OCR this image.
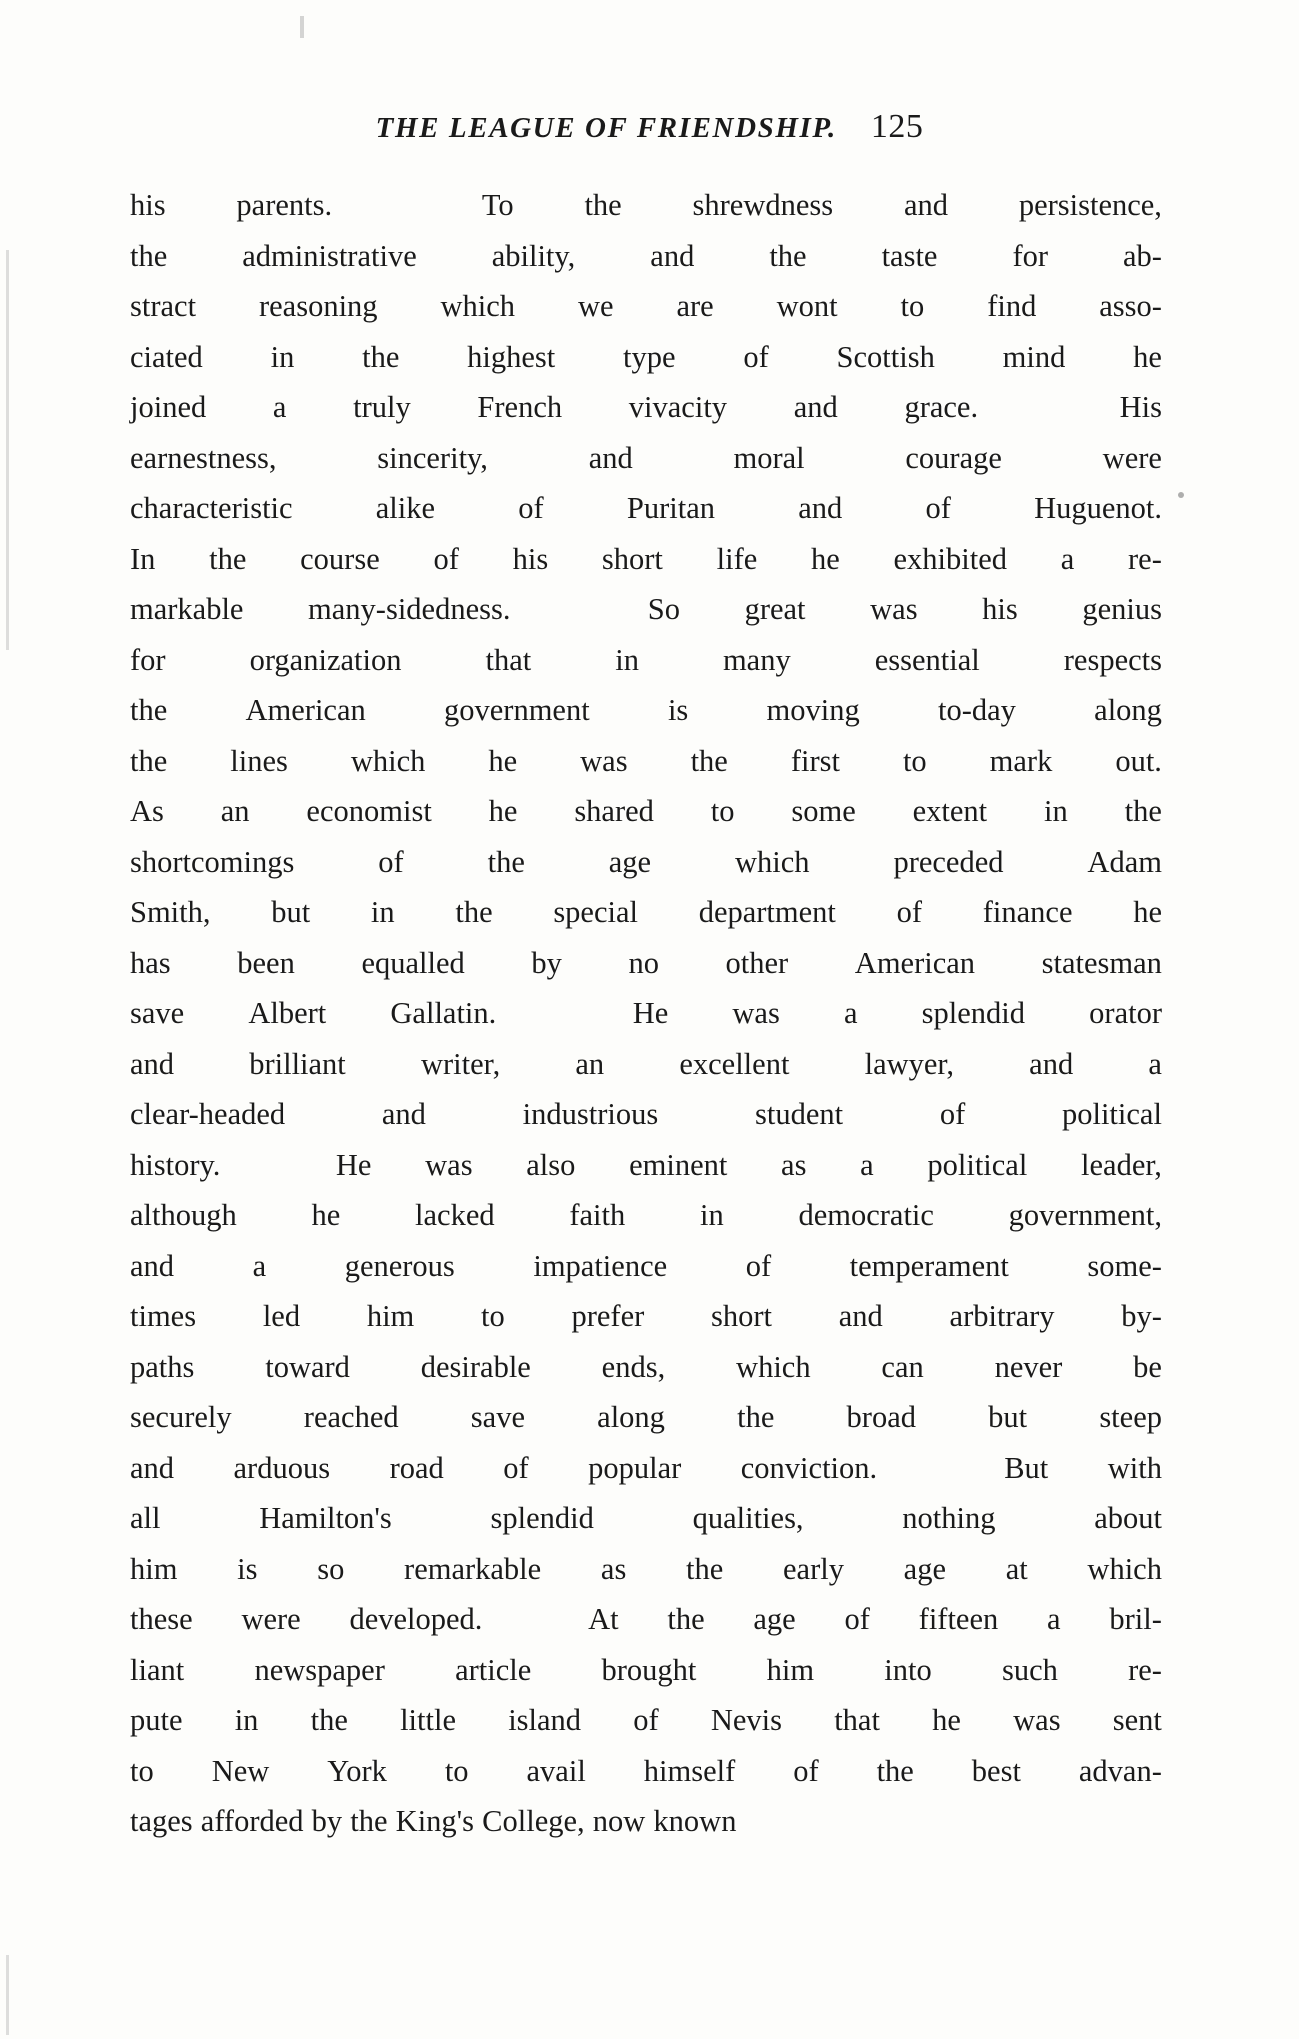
THE LEAGUE OF FRIENDSHIP. 125

his parents.
	To the shrewdness and persistence,
the administrative ability, and the taste for ab-
stract reasoning which we are wont to find asso-
ciated in the highest type of Scottish mind he
joined a truly French vivacity and grace.
	His
earnestness,	sincerity,	and	moral	courage	were
characteristic	alike	of	Puritan	and	of	Huguenot.
In the course of his short life he exhibited a re-
markable many-sidedness.
	So great was his genius
for	organization	that	in	many	essential	respects
the	American	government	is	moving	to-day	along
the lines which he was the first to mark out.
As an economist he shared to some extent in the
shortcomings	of	the	age	which	preceded	Adam
Smith, but in the special department of finance he
has been equalled by no other American statesman
save Albert Gallatin.
	He was a splendid orator
and brilliant writer, an excellent lawyer, and a
clear-headed	and	industrious	student	of	political
history.
	He was also eminent as a political leader,
although he lacked faith in democratic government,
and	a	generous	impatience	of	temperament	some-
times led him to prefer short and arbitrary by-
paths toward desirable ends, which can never be
securely reached save along the broad but steep
and arduous road of popular conviction.
	But with
all	Hamilton's	splendid	qualities,	nothing	about
him is so remarkable as the early age at which
these were developed.
	At the age of fifteen a bril-
liant newspaper article brought him into such re-
pute in the little island of Nevis that he was sent
to New York to avail himself of the best advan-
tages afforded by the King's College, now known
